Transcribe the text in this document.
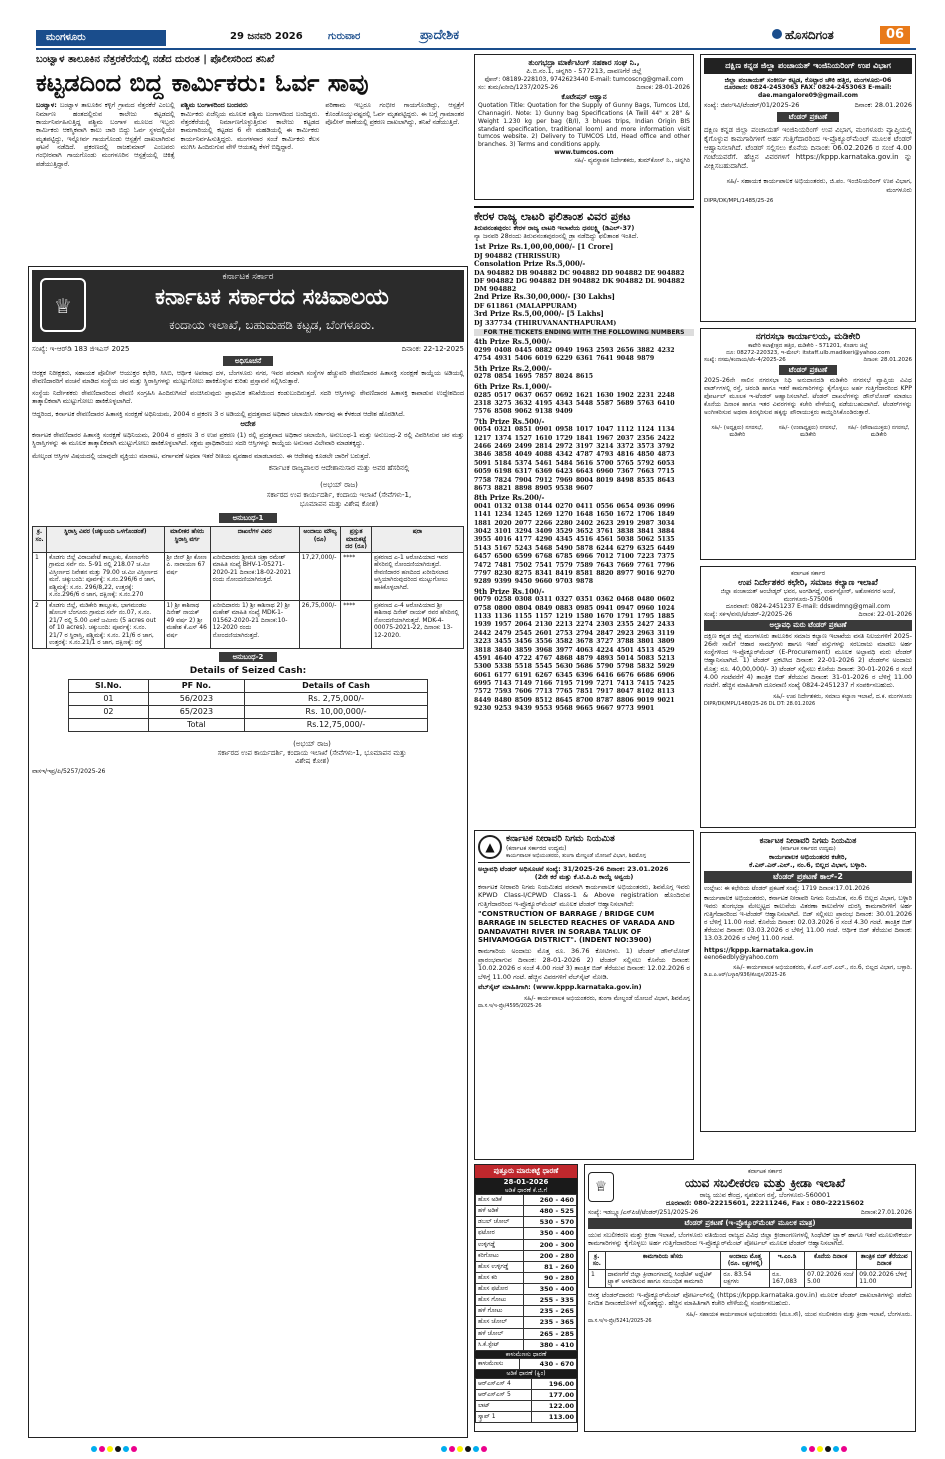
ಮಂಗಳೂರು	29 ಜನವರಿ 2026	ಗುರುವಾರ	ಪ್ರಾದೇಶಿಕ	ಹೊಸದಿಗಂತ	06
ಬಂಟ್ವಾಳ ತಾಲೂಕಿನ ನೆತ್ತರಕೆರೆಯಲ್ಲಿ ನಡೆದ ದುರಂತ | ಪೊಲೀಸರಿಂದ ತನಿಖೆ
ಕಟ್ಟಡದಿಂದ ಬಿದ್ದ ಕಾರ್ಮಿಕರು: ಓರ್ವ ಸಾವು
ಬಂಟ್ವಾಳ: ಬಂಟ್ವಾಳ ತಾಲೂಕಿನ ಕಳ್ಳಿಗೆ ಗ್ರಾಮದ ನೆತ್ತರಕೆರೆ ಎಂಬಲ್ಲಿ ನಿರ್ಮಾಣ ಹಂತದಲ್ಲಿರುವ ಕಾಲೇಜು ಕಟ್ಟಡದಲ್ಲಿ ಕಾರ್ಯನಿರ್ವಹಿಸುತ್ತಿದ್ದ ಪಶ್ಚಿಮ ಬಂಗಾಳ ಮೂಲದ ಇಬ್ಬರು ಕಾರ್ಮಿಕರು ಆಕಸ್ಮಿಕವಾಗಿ ಕಾಲು ಜಾರಿ ಬಿದ್ದು ಓರ್ವ ಸ್ಥಳದಲ್ಲಿಯೇ ಮೃತಪಟ್ಟಿದ್ದು, ಇನ್ನೋರ್ವ ಗಾಯಗೊಂಡು ಆಸ್ಪತ್ರೆಗೆ ದಾಖಲಾಗಿರುವ ಘಟನೆ ನಡೆದಿದೆ. ಪ್ರಕರಣದಲ್ಲಿ ರಾಜಕುಮಾರ್ ಎಂಬವರು ಗಂಭೀರವಾಗಿ ಗಾಯಗೊಂಡು ಮಂಗಳೂರಿನ ಆಸ್ಪತ್ರೆಯಲ್ಲಿ ಚಿಕಿತ್ಸೆ ಪಡೆಯುತ್ತಿದ್ದಾರೆ.
ಪಶ್ಚಿಮ ಬಂಗಾಳದಿಂದ ಬಂದವರು
ಕಾರ್ಮಿಕರು ಏಜೆನ್ಸಿಯ ಮೂಲಕ ಪಶ್ಚಿಮ ಬಂಗಾಳದಿಂದ ಬಂದಿದ್ದರು. ನೆತ್ತರಕೆರೆಯಲ್ಲಿ ನಿರ್ಮಾಣಗೊಳ್ಳುತ್ತಿರುವ ಕಾಲೇಜು ಕಟ್ಟಡದ ಕಾಮಗಾರಿಯಲ್ಲಿ ಕಟ್ಟಡದ 6 ನೇ ಮಹಡಿಯಲ್ಲಿ ಈ ಕಾರ್ಮಿಕರು ಕಾರ್ಯನಿರ್ವಹಿಸುತ್ತಿದ್ದರು. ಮಂಗಳವಾರ ಸಂಜೆ ಕಾರ್ಮಿಕರು ಕೆಲಸ ಮುಗಿಸಿ ಹಿಂದಿರುಗುವ ವೇಳೆ ಆಯತಪ್ಪಿ ಕೆಳಗೆ ಬಿದ್ದಿದ್ದಾರೆ.
ಪರಿಣಾಮ ಇಬ್ಬರೂ ಗಂಭೀರ ಗಾಯಗೊಂಡಿದ್ದು, ಆಸ್ಪತ್ರೆಗೆ ಕೊಂಡೊಯ್ಯುವಷ್ಟರಲ್ಲಿ ಓರ್ವ ಮೃತಪಟ್ಟಿದ್ದರು. ಈ ಬಗ್ಗೆ ಗ್ರಾಮಾಂತರ ಪೊಲೀಸ್ ಠಾಣೆಯಲ್ಲಿ ಪ್ರಕರಣ ದಾಖಲಾಗಿದ್ದು, ತನಿಖೆ ನಡೆಯುತ್ತಿದೆ.
♕
ಕರ್ನಾಟಕ ಸರ್ಕಾರ
ಕರ್ನಾಟಕ ಸರ್ಕಾರದ ಸಚಿವಾಲಯ
ಕಂದಾಯ ಇಲಾಖೆ, ಬಹುಮಹಡಿ ಕಟ್ಟಡ, ಬೆಂಗಳೂರು.
ಸಂಖ್ಯೆ: ಇ-ಆರ್‌ಡಿ 183 ಜಿಇಎಸ್ 2025	ದಿನಾಂಕ: 22-12-2025
ಅಧಿಸೂಚನೆ
ಆರಕ್ಷಕ ನಿರೀಕ್ಷಕರು, ಸಹಾಯಕ ಪೊಲೀಸ್ ಆಯುಕ್ತರ ಕಛೇರಿ, ಸಿಸಿಬಿ, ಆರ್ಥಿಕ ಅಪರಾಧ ದಳ, ಬೆಂಗಳೂರು ನಗರ, ಇವರ ಪರವಾಗಿ ಸಂಸ್ಥೆಗಳ ಹೆಚ್ಚುವರಿ ಠೇವಣಿದಾರರ ಹಿತಾಸಕ್ತಿ ಸಂರಕ್ಷಣೆ ಕಾಯ್ದೆಯ ಅಡಿಯಲ್ಲಿ ಠೇವಣಿದಾರರಿಗೆ ವಂಚನೆ ಮಾಡಿದ ಸಂಸ್ಥೆಯ ಚರ ಮತ್ತು ಸ್ಥಿರಾಸ್ತಿಗಳನ್ನು ಮುಟ್ಟುಗೋಲು ಹಾಕಿಕೊಳ್ಳುವ ಕುರಿತು ಪ್ರಸ್ತಾವನೆ ಸಲ್ಲಿಸಿರುತ್ತಾರೆ.
ಸಂಸ್ಥೆಯ ನಿರ್ದೇಶಕರು ಠೇವಣಿದಾರರಿಂದ ಠೇವಣಿ ಸಂಗ್ರಹಿಸಿ ಹಿಂದಿರುಗಿಸದೆ ವಂಚಿಸಿರುವುದು ಪ್ರಾಥಮಿಕ ತನಿಖೆಯಿಂದ ಕಂಡುಬಂದಿರುತ್ತದೆ. ಸದರಿ ಆಸ್ತಿಗಳನ್ನು ಠೇವಣಿದಾರರ ಹಿತಾಸಕ್ತಿ ಕಾಪಾಡುವ ಉದ್ದೇಶದಿಂದ ತಾತ್ಕಾಲಿಕವಾಗಿ ಮುಟ್ಟುಗೋಲು ಹಾಕಿಕೊಳ್ಳಲಾಗಿದೆ.
ಆದ್ದರಿಂದ, ಕರ್ನಾಟಕ ಠೇವಣಿದಾರರ ಹಿತಾಸಕ್ತಿ ಸಂರಕ್ಷಣೆ ಅಧಿನಿಯಮ, 2004 ರ ಪ್ರಕರಣ 3 ರ ಅಡಿಯಲ್ಲಿ ಪ್ರದತ್ತವಾದ ಅಧಿಕಾರ ಚಲಾಯಿಸಿ ಸರ್ಕಾರವು ಈ ಕೆಳಕಂಡ ಆದೇಶ ಹೊರಡಿಸಿದೆ.
ಆದೇಶ
ಕರ್ನಾಟಕ ಠೇವಣಿದಾರರ ಹಿತಾಸಕ್ತಿ ಸಂರಕ್ಷಣೆ ಅಧಿನಿಯಮ, 2004 ರ ಪ್ರಕರಣ 3 ರ ಉಪ ಪ್ರಕರಣ (1) ರಲ್ಲಿ ಪ್ರದತ್ತವಾದ ಅಧಿಕಾರ ಚಲಾಯಿಸಿ, ಅನುಬಂಧ-1 ಮತ್ತು ಅನುಬಂಧ-2 ರಲ್ಲಿ ವಿವರಿಸಿರುವ ಚರ ಮತ್ತು ಸ್ಥಿರಾಸ್ತಿಗಳನ್ನು ಈ ಮೂಲಕ ತಾತ್ಕಾಲಿಕವಾಗಿ ಮುಟ್ಟುಗೋಲು ಹಾಕಿಕೊಳ್ಳಲಾಗಿದೆ. ಸಕ್ಷಮ ಪ್ರಾಧಿಕಾರಿಯು ಸದರಿ ಆಸ್ತಿಗಳನ್ನು ಕಾಯ್ದೆಯ ಅನುಸಾರ ವಿಲೇವಾರಿ ಮಾಡತಕ್ಕದ್ದು.
ಮೇಲ್ಕಂಡ ಆಸ್ತಿಗಳ ವಿಷಯದಲ್ಲಿ ಯಾವುದೇ ವ್ಯಕ್ತಿಯು ಮಾರಾಟ, ವರ್ಗಾವಣೆ ಅಥವಾ ಇತರೆ ರೀತಿಯ ವ್ಯವಹಾರ ಮಾಡಬಾರದು. ಈ ಆದೇಶವು ಕೂಡಲೇ ಜಾರಿಗೆ ಬರುತ್ತದೆ.
ಕರ್ನಾಟಕ ರಾಜ್ಯಪಾಲರ ಆದೇಶಾನುಸಾರ ಮತ್ತು ಅವರ ಹೆಸರಿನಲ್ಲಿ
(ಅಭಯ್ ರಾಜ)
ಸರ್ಕಾರದ ಉಪ ಕಾರ್ಯದರ್ಶಿ, ಕಂದಾಯ ಇಲಾಖೆ (ಸೇವೆಗಳು-1, ಭೂಮಾಪನ ಮತ್ತು ವಿಶೇಷ ಕೋಶ)
ಅನುಬಂಧ-1
ಕ್ರ. ಸಂ.	ಸ್ಥಿರಾಸ್ತಿ ವಿವರ (ಚಕ್ಕುಬಂದಿ ಒಳಗೊಂಡಂತೆ)	ಮಾಲೀಕರ ಹೆಸರು ಸ್ಥಿರಾಸ್ತಿ ವರ್ಗ	ದಾಖಲೆಗಳ ವಿವರ	ಅಂದಾಜು ಮೌಲ್ಯ (ರೂ)	ಪ್ರಸ್ತುತ ಮಾರುಕಟ್ಟೆ ದರ (ರೂ)	ಷರಾ
1	ಕೊಡಗು ಜಿಲ್ಲೆ ವಿರಾಜಪೇಟೆ ತಾಲ್ಲೂಕು, ಕೋಣಂಗೇರಿ ಗ್ರಾಮದ ಸರ್ವೆ ನಂ. 5-91 ರಲ್ಲಿ 218.07 ಚ.ಮೀ ವಿಸ್ತೀರ್ಣದ ನಿವೇಶನ ಮತ್ತು 79.00 ಚ.ಮೀ ವಿಸ್ತೀರ್ಣದ ಮನೆ. ಚಕ್ಕುಬಂದಿ: ಪೂರ್ವಕ್ಕೆ: ಸ.ನಂ.296/6 ರ ಜಾಗ, ಪಶ್ಚಿಮಕ್ಕೆ: ಸ.ನಂ. 296/8,22, ಉತ್ತರಕ್ಕೆ: ಸ.ನಂ.296/6 ರ ಜಾಗ, ದಕ್ಷಿಣಕ್ಕೆ: ಸ.ನಂ.270	ಶ್ರೀ ಜೀನ್ ಶ್ರೀ ಕೋಣ ಪಿ. ನಾರಾಯಣ 67 ವರ್ಷ	ಖರೀದಿದಾರರು ಶ್ರೀಮತಿ ಚಿತ್ರಾ ರಮೇಶ್ ಮಾಹಿತಿ ಸಂಖ್ಯೆ BHV-1-05271-2020-21 ದಿನಾಂಕ:18-02-2021 ರಂದು ನೋಂದಣಿಯಾಗಿರುತ್ತದೆ.	17,27,000/-	****	ಪ್ರಕರಣದ ಎ-1 ಆರೋಪಿಯಾದ ಇವರ ಹೆಸರಿನಲ್ಲಿ ನೋಂದಣಿಯಾಗಿರುತ್ತದೆ. ಠೇವಣಿದಾರರ ಹಣದಿಂದ ಖರೀದಿಸಲಾದ ಆಸ್ತಿಯಾಗಿರುವುದರಿಂದ ಮುಟ್ಟುಗೋಲು ಹಾಕಿಕೊಳ್ಳಲಾಗಿದೆ.
2	ಕೊಡಗು ಜಿಲ್ಲೆ, ಮಡಿಕೇರಿ ತಾಲ್ಲೂಕು, ಭಾಗಮಂಡಲ ಹೋಬಳಿ ಬೆಂಗೂರು ಗ್ರಾಮದ ಸರ್ವೆ ನಂ.07, ಸ.ನಂ. 21/7 ರಲ್ಲಿ 5.00 ಎಕರೆ ಜಮೀನು (5 acres out of 10 acres). ಚಕ್ಕುಬಂದಿ: ಪೂರ್ವಕ್ಕೆ: ಸ.ನಂ. 21/7 ರ ಸ್ಥಿರಾಸ್ತಿ, ಪಶ್ಚಿಮಕ್ಕೆ: ಸ.ನಂ. 21/6 ರ ಜಾಗ, ಉತ್ತರಕ್ಕೆ: ಸ.ನಂ.21/1 ರ ಜಾಗ, ದಕ್ಷಿಣಕ್ಕೆ: ರಸ್ತೆ	1) ಶ್ರೀ ಕಾಶಿನಾಥ ದಿನೇಶ್ ನಾಯಕ್ 49 ವರ್ಷ 2) ಶ್ರೀ ಮಹೇಶ ಕೆ.ಎಸ್ 46 ವರ್ಷ	ಖರೀದಿದಾರರು 1) ಶ್ರೀ ಕಾಶಿನಾಥ 2) ಶ್ರೀ ಮಹೇಶ್ ಮಾಹಿತಿ ಸಂಖ್ಯೆ MDK-1-01562-2020-21 ದಿನಾಂಕ:10-12-2020 ರಂದು ನೋಂದಣಿಯಾಗಿರುತ್ತದೆ.	26,75,000/-	****	ಪ್ರಕರಣದ ಎ-4 ಆರೋಪಿಯಾದ ಶ್ರೀ ಕಾಶಿನಾಥ ದಿನೇಶ್ ನಾಯಕ್ ರವರ ಹೆಸರಿನಲ್ಲಿ ನೋಂದಣಿಯಾಗಿರುತ್ತದೆ. MDK-4-00075-2021-22, ದಿನಾಂಕ: 13-12-2020.
ಅನುಬಂಧ-2
Details of Seized Cash:
Sl.No.	PF No.	Details of Cash
01	56/2023	Rs. 2,75,000/-
02	65/2023	Rs. 10,00,000/-
	Total	Rs.12,75,000/-
(ಅಭಯ್ ರಾಜ)
ಸರ್ಕಾರದ ಉಪ ಕಾರ್ಯದರ್ಶಿ, ಕಂದಾಯ ಇಲಾಖೆ (ಸೇವೆಗಳು-1, ಭೂಮಾಪನ ಮತ್ತು ವಿಶೇಷ ಕೋಶ)
ವಾಸಇ/ಇಪ್ರ/ಪಿ/5257/2025-26
ತುಂಗಭದ್ರಾ ಮಾರ್ಕೆಟಿಂಗ್ ಸಹಕಾರ ಸಂಘ ನಿ.,
ಪಿ.ಬಿ.ನಂ.1, ಚನ್ನಗಿರಿ - 577213, ದಾವಣಗೆರೆ ಜಿಲ್ಲೆ
ಫೋನ್: 08189-228103, 9742623440 E-mail: tumcoscng@gmail.com
ಸಂ: ತುಮ/ಖರೀದಿ/1237/2025-26	ದಿನಾಂಕ: 28-01-2026
ಕೊಟೇಷನ್ ಆಹ್ವಾನ
Quotation Title: Quotation for the Supply of Gunny Bags, Tumcos Ltd, Channagiri. Note: 1) Gunny bag Specifications (A Twill 44" x 28" & Weight 1.230 kg per bag (B/I), 3 bhues trips, Indian Origin BIS standard specification, traditional loom) and more information visit tumcos website. 2) Delivery to TUMCOS Ltd, Head office and other branches. 3) Terms and conditions apply.
www.tumcos.com
ಸಹಿ/- ವ್ಯವಸ್ಥಾಪಕ ನಿರ್ದೇಶಕರು, ತುಮ್‌ಕೋಸ್ ನಿ., ಚನ್ನಗಿರಿ
ಕೇರಳ ರಾಜ್ಯ ಲಾಟರಿ ಫಲಿತಾಂಶ ವಿವರ ಪ್ರಕಟ
ತಿರುವನಂತಪುರಂ: ಕೇರಳ ರಾಜ್ಯ ಲಾಟರಿ ಇಲಾಖೆಯ ಧನಲಕ್ಷ್ಮಿ (ಡಿಎಲ್-37)
ನ್ಯಾ ಜನವರಿ 28ರಂದು ತಿರುವನಂತಪುರಂನಲ್ಲಿ ಡ್ರಾ ನಡೆದಿದ್ದು ಫಲಿತಾಂಶ ಇಂತಿದೆ.
1st Prize Rs.1,00,00,000/- [1 Crore]
DJ 904882 (THRISSUR)
Consolation Prize Rs.5,000/-
DA 904882 DB 904882 DC 904882 DD 904882 DE 904882 DF 904882 DG 904882 DH 904882 DK 904882 DL 904882 DM 904882
2nd Prize Rs.30,00,000/- [30 Lakhs]
DF 611861 (MALAPPURAM)
3rd Prize Rs.5,00,000/- [5 Lakhs]
DJ 337734 (THIRUVANANTHAPURAM)
FOR THE TICKETS ENDING WITH THE FOLLOWING NUMBERS
4th Prize Rs.5,000/-
0299 0408 0445 0882 0949 1963 2593 2656 3882 4232 4754 4931 5406 6019 6229 6361 7641 9048 9879
5th Prize Rs.2,000/-
0278 0854 1695 7857 8024 8615
6th Prize Rs.1,000/-
0285 0517 0637 0657 0692 1621 1630 1902 2231 2248 2318 3275 3632 4195 4343 5448 5587 5689 5763 6410 7576 8508 9062 9138 9409
7th Prize Rs.500/-
0054 0321 0851 0901 0958 1017 1047 1112 1124 1134 1217 1374 1527 1610 1729 1841 1967 2037 2356 2422 2466 2469 2499 2814 2972 3197 3214 3372 3573 3792 3846 3858 4049 4088 4342 4787 4793 4816 4850 4873 5091 5184 5374 5461 5484 5616 5700 5765 5792 6053 6059 6198 6317 6369 6423 6643 6960 7367 7663 7715 7758 7824 7904 7912 7969 8004 8019 8498 8535 8643 8673 8821 8898 8905 9538 9607
8th Prize Rs.200/-
0041 0132 0138 0144 0270 0411 0556 0654 0936 0996 1141 1234 1245 1269 1270 1648 1650 1672 1706 1849 1881 2020 2077 2266 2280 2402 2623 2919 2987 3034 3042 3101 3294 3409 3529 3652 3761 3838 3841 3884 3955 4016 4177 4290 4345 4516 4561 5038 5062 5135 5143 5167 5243 5468 5490 5878 6244 6279 6325 6449 6457 6500 6599 6768 6785 6966 7012 7100 7223 7375 7472 7481 7502 7541 7579 7589 7643 7669 7761 7796 7797 8230 8275 8341 8419 8581 8820 8977 9016 9270 9289 9399 9450 9660 9703 9878
9th Prize Rs.100/-
0079 0258 0308 0311 0327 0351 0362 0468 0480 0602 0758 0800 0804 0849 0883 0985 0941 0947 0960 1024 1133 1136 1155 1157 1219 1580 1670 1791 1795 1885 1939 1957 2064 2130 2213 2274 2303 2355 2427 2433 2442 2479 2545 2601 2753 2794 2847 2923 2963 3119 3223 3455 3456 3556 3582 3678 3727 3788 3801 3809 3818 3840 3859 3968 3977 4063 4224 4501 4513 4529 4591 4640 4722 4767 4868 4879 4893 5014 5083 5213 5300 5338 5518 5545 5630 5686 5790 5798 5832 5929 6061 6177 6191 6267 6345 6396 6416 6676 6686 6906 6995 7143 7149 7166 7195 7199 7271 7413 7415 7425 7572 7593 7606 7713 7765 7851 7917 8047 8102 8113 8449 8480 8509 8512 8645 8700 8787 8806 9019 9021 9230 9253 9439 9553 9568 9665 9667 9773 9901
ದಕ್ಷಿಣ ಕನ್ನಡ ಜಿಲ್ಲಾ ಪಂಚಾಯತ್ ಇಂಜಿನಿಯರಿಂಗ್ ಉಪ ವಿಭಾಗ
ಜಿಲ್ಲಾ ಪಂಚಾಯತ್ ಸಂಕೀರ್ಣ ಕಟ್ಟಡ, ಕೊಟ್ಟಾರ ಚೌಕಿ ಹತ್ತಿರ, ಮಂಗಳೂರು-06
ದೂರವಾಣಿ: 0824-2453063 FAX: 0824-2453063 E-mail: dae.mangalore09@gmail.com
ಸಂಖ್ಯೆ: ಜಿಪಂಇವಿ/ಟೆಂಡರ್/01/2025-26	ದಿನಾಂಕ: 28.01.2026
ಟೆಂಡರ್ ಪ್ರಕಟಣೆ
ದಕ್ಷಿಣ ಕನ್ನಡ ಜಿಲ್ಲಾ ಪಂಚಾಯತ್ ಇಂಜಿನಿಯರಿಂಗ್ ಉಪ ವಿಭಾಗ, ಮಂಗಳೂರು ವ್ಯಾಪ್ತಿಯಲ್ಲಿ ಕೈಗೊಳ್ಳುವ ಕಾಮಗಾರಿಗಳಿಗೆ ಅರ್ಹ ಗುತ್ತಿಗೆದಾರರಿಂದ ಇ-ಪ್ರೊಕ್ಯೂರ್‌ಮೆಂಟ್ ಮೂಲಕ ಟೆಂಡರ್ ಆಹ್ವಾನಿಸಲಾಗಿದೆ. ಟೆಂಡರ್ ಸಲ್ಲಿಸಲು ಕೊನೆಯ ದಿನಾಂಕ: 06.02.2026 ರ ಸಂಜೆ 4.00 ಗಂಟೆಯವರೆಗೆ. ಹೆಚ್ಚಿನ ವಿವರಗಳಿಗೆ https://kppp.karnataka.gov.in ನ್ನು ವೀಕ್ಷಿಸಬಹುದಾಗಿದೆ.
ಸಹಿ/- ಸಹಾಯಕ ಕಾರ್ಯಪಾಲಕ ಅಭಿಯಂತರರು, ಜಿ.ಪಂ. ಇಂಜಿನಿಯರಿಂಗ್ ಉಪ ವಿಭಾಗ, ಮಂಗಳೂರು
DIPR/DK/MPL/1485/25-26
ನಗರಸಭಾ ಕಾರ್ಯಾಲಯ, ಮಡಿಕೇರಿ
ಕಾವೇರಿ ಕಲಾಕ್ಷೇತ್ರದ ಹತ್ತಿರ, ಮಡಿಕೇರಿ - 571201, ಕೊಡಗು ಜಿಲ್ಲೆ
ದೂ: 08272-220323, ಇ-ಮೇಲ್: itstaff.ulb.madikeri@yahoo.com
ಸಂಖ್ಯೆ: ನಸಮ/ಕಂದಾಯ/ಟೆಂ-4/2025-26	ದಿನಾಂಕ: 28.01.2026
ಟೆಂಡರ್ ಪ್ರಕಟಣೆ
2025-26ನೇ ಸಾಲಿನ ನಗರಸಭಾ ನಿಧಿ ಅನುದಾನದಡಿ ಮಡಿಕೇರಿ ನಗರಸಭೆ ವ್ಯಾಪ್ತಿಯ ವಿವಿಧ ವಾರ್ಡ್‌ಗಳಲ್ಲಿ ರಸ್ತೆ, ಚರಂಡಿ ಹಾಗೂ ಇತರೆ ಕಾಮಗಾರಿಗಳನ್ನು ಕೈಗೊಳ್ಳಲು ಅರ್ಹ ಗುತ್ತಿಗೆದಾರರಿಂದ KPP ಪೋರ್ಟಲ್ ಮೂಲಕ ಇ-ಟೆಂಡರ್ ಆಹ್ವಾನಿಸಲಾಗಿದೆ. ಟೆಂಡರ್ ದಾಖಲೆಗಳನ್ನು ಡೌನ್‌ಲೋಡ್ ಮಾಡಲು ಕೊನೆಯ ದಿನಾಂಕ ಹಾಗೂ ಇತರ ವಿವರಗಳನ್ನು ಕಚೇರಿ ವೇಳೆಯಲ್ಲಿ ಪಡೆಯಬಹುದಾಗಿದೆ. ಟೆಂಡರ್‌ಗಳನ್ನು ಅಂಗೀಕರಿಸುವ ಅಥವಾ ತಿರಸ್ಕರಿಸುವ ಹಕ್ಕನ್ನು ಪೌರಾಯುಕ್ತರು ಕಾಯ್ದಿರಿಸಿಕೊಂಡಿರುತ್ತಾರೆ.
ಸಹಿ/- (ಅಧ್ಯಕ್ಷರು) ನಗರಸಭೆ, ಮಡಿಕೇರಿ
ಸಹಿ/- (ಉಪಾಧ್ಯಕ್ಷರು) ನಗರಸಭೆ, ಮಡಿಕೇರಿ
ಸಹಿ/- (ಪೌರಾಯುಕ್ತರು) ನಗರಸಭೆ, ಮಡಿಕೇರಿ
ಕರ್ನಾಟಕ ಸರ್ಕಾರ
ಉಪ ನಿರ್ದೇಶಕರ ಕಛೇರಿ, ಸಮಾಜ ಕಲ್ಯಾಣ ಇಲಾಖೆ
ಜಿಲ್ಲಾ ಪಂಚಾಯತ್ ಆಂಬೇಡ್ಕರ್ ಭವನ, ಅಂಗಡಿಗದ್ದೆ, ಉರ್ವಸ್ಟೋರ್, ಅಶೋಕನಗರ ಅಂಚೆ, ಮಂಗಳೂರು-575006
ದೂರವಾಣಿ: 0824-2451237 E-mail: ddswdmng@gmail.com
ಸಂಖ್ಯೆ: ಸಕಇ/ವಸನಿ/ಟೆಂಡರ್-2/2025-26	ದಿನಾಂಕ: 22-01-2026
ಅಲ್ಪಾವಧಿ ಮರು ಟೆಂಡರ್ ಪ್ರಕಟಣೆ
ದಕ್ಷಿಣ ಕನ್ನಡ ಜಿಲ್ಲೆ ಮಂಗಳೂರು ತಾಲೂಕಿನ ಸಮಾಜ ಕಲ್ಯಾಣ ಇಲಾಖೆಯ ವಸತಿ ನಿಲಯಗಳಿಗೆ 2025-26ನೇ ಸಾಲಿಗೆ ಆಹಾರ ಸಾಮಗ್ರಿಗಳು ಹಾಗೂ ಇತರೆ ವಸ್ತುಗಳನ್ನು ಸರಬರಾಜು ಮಾಡಲು ಅರ್ಹ ಸಂಸ್ಥೆಗಳಿಂದ ಇ-ಪ್ರೊಕ್ಯೂರ್‌ಮೆಂಟ್ (E-Procurement) ಮೂಲಕ ಅಲ್ಪಾವಧಿ ಮರು ಟೆಂಡರ್ ಆಹ್ವಾನಿಸಲಾಗಿದೆ. 1) ಟೆಂಡರ್ ಪ್ರಕಟಿಸಿದ ದಿನಾಂಕ: 22-01-2026 2) ಟೆಂಡರ್‌ನ ಅಂದಾಜು ಮೊತ್ತ: ರೂ. 40,00,000/- 3) ಟೆಂಡರ್ ಸಲ್ಲಿಸಲು ಕೊನೆಯ ದಿನಾಂಕ: 30-01-2026 ರ ಸಂಜೆ 4.00 ಗಂಟೆವರೆಗೆ 4) ತಾಂತ್ರಿಕ ಬಿಡ್ ತೆರೆಯುವ ದಿನಾಂಕ: 31-01-2026 ರ ಬೆಳಿಗ್ಗೆ 11.00 ಗಂಟೆಗೆ. ಹೆಚ್ಚಿನ ಮಾಹಿತಿಗಾಗಿ ದೂರವಾಣಿ ಸಂಖ್ಯೆ 0824-2451237 ಗೆ ಸಂಪರ್ಕಿಸಬಹುದು.
ಸಹಿ/- ಉಪ ನಿರ್ದೇಶಕರು, ಸಮಾಜ ಕಲ್ಯಾಣ ಇಲಾಖೆ, ದ.ಕ. ಮಂಗಳೂರು
DIPR/DK/MPL/1480/25-26 DL DT: 28.01.2026
▲
ಕರ್ನಾಟಕ ನೀರಾವರಿ ನಿಗಮ ನಿಯಮಿತ
(ಕರ್ನಾಟಕ ಸರ್ಕಾರದ ಉದ್ಯಮ)
ಕಾರ್ಯಪಾಲಕ ಅಭಿಯಂತರರು, ತುಂಗಾ ಮೇಲ್ದಂಡೆ ಯೋಜನೆ ವಿಭಾಗ, ಶಿವಮೊಗ್ಗ
ಅಲ್ಪಾವಧಿ ಟೆಂಡರ್ ಅಧಿಸೂಚನೆ ಸಂಖ್ಯೆ: 31/2025-26 ದಿನಾಂಕ: 23.01.2026
(2ನೇ ಕರೆ ಮತ್ತು ಕೆ.ಟಿ.ಪಿ.ಪಿ ಕಾಯ್ದೆ ಅನ್ವಯ)
ಕರ್ನಾಟಕ ನೀರಾವರಿ ನಿಗಮ ನಿಯಮಿತದ ಪರವಾಗಿ ಕಾರ್ಯಪಾಲಕ ಅಭಿಯಂತರರು, ಶಿವಮೊಗ್ಗ ಇವರು KPWD Class-I/CPWD Class-1 & Above registration ಹೊಂದಿರುವ ಗುತ್ತಿಗೆದಾರರಿಂದ ಇ-ಪ್ರೊಕ್ಯೂರ್‌ಮೆಂಟ್ ಮೂಲಕ ಟೆಂಡರ್ ಆಹ್ವಾನಿಸಲಾಗಿದೆ:
"CONSTRUCTION OF BARRAGE / BRIDGE CUM BARRAGE IN SELECTED REACHES OF VARADA AND DANDAVATHI RIVER IN SORABA TALUK OF SHIVAMOGGA DISTRICT". (INDENT NO:3900)
ಕಾಮಗಾರಿಯ ಅಂದಾಜು ಮೊತ್ತ ರೂ. 36.76 ಕೋಟಿಗಳು. 1) ಟೆಂಡರ್ ಡೌನ್‌ಲೋಡ್ ಪ್ರಾರಂಭವಾಗುವ ದಿನಾಂಕ: 28-01-2026 2) ಟೆಂಡರ್ ಸಲ್ಲಿಸಲು ಕೊನೆಯ ದಿನಾಂಕ: 10.02.2026 ರ ಸಂಜೆ 4.00 ಗಂಟೆ 3) ತಾಂತ್ರಿಕ ಬಿಡ್ ತೆರೆಯುವ ದಿನಾಂಕ: 12.02.2026 ರ ಬೆಳಿಗ್ಗೆ 11.00 ಗಂಟೆ. ಹೆಚ್ಚಿನ ವಿವರಗಳಿಗೆ ವೆಬ್‌ಸೈಟ್ ನೋಡಿ.
ವೆಬ್‌ಸೈಟ್ ಮಾಹಿತಿಗಾಗಿ: (www.kppp.karnataka.gov.in)
ಸಹಿ/- ಕಾರ್ಯಪಾಲಕ ಅಭಿಯಂತರರು, ತುಂಗಾ ಮೇಲ್ದಂಡೆ ಯೋಜನೆ ವಿಭಾಗ, ಶಿವಮೊಗ್ಗ
ವಾ.ಸ.ಇ/ಇ-ಪ್ರೊ/4595/2025-26
ಪುತ್ತೂರು ಮಾರುಕಟ್ಟೆ ಧಾರಣೆ
28-01-2026
ಅಡಿಕೆ ಧಾರಣೆ ಕೆ.ಜಿ.ಗೆ
ಹೊಸ ಅಡಿಕೆ	260 - 460
ಹಳೆ ಅಡಿಕೆ	480 - 525
ಡಬಲ್ ಚೋಲ್	530 - 570
ಫಟೋರ	350 - 400
ಉಳ್ಳಿಗಡ್ಡೆ	200 - 300
ಕರಿಗೋಟು	200 - 280
ಹೊಸ ಉಳ್ಳಿಗಡ್ಡೆ	81 - 260
ಹೊಸ ಕರಿ	90 - 280
ಹೊಸ ಫಟೋರ	350 - 400
ಹೊಸ ಗೋಟು	255 - 335
ಹಳೆ ಗೋಟು	235 - 265
ಹೊಸ ಚೋಲ್	235 - 365
ಹಳೆ ಚೋಲ್	265 - 285
ಸಿ.ಕೆ.ಸ್ಟೇಟ್	380 - 410
ಕಾಳುಮೆಣಸು ಧಾರಣೆ
ಕಾಳುಮೆಣಸು	430 - 670
ಅಡಿಕೆ ಧಾರಣೆ (ಕ್ವಿಂ)
ಆರ್‌ಎಸ್‌ಎಸ್ 4	196.00
ಆರ್‌ಎಸ್‌ಎಸ್ 5	177.00
ಲಾಟ್	122.00
ಸ್ಕ್ರಾಪ್ 1	113.00
ಕರ್ನಾಟಕ ನೀರಾವರಿ ನಿಗಮ ನಿಯಮಿತ
(ಕರ್ನಾಟಕ ಸರ್ಕಾರದ ಉದ್ಯಮ)
ಕಾರ್ಯಪಾಲಕ ಅಭಿಯಂತರರ ಕಚೇರಿ,
ಕೆ.ಎನ್.ಎನ್.ಎಲ್., ನಂ.6, ಬಿಲ್ಲದ ವಿಭಾಗ, ಬಳ್ಳಾರಿ.
ಟೆಂಡರ್ ಪ್ರಕಟಣೆ ಕಾಲ್-2
ಉಲ್ಲೇಖ: ಈ ಕಛೇರಿಯ ಟೆಂಡರ್ ಪ್ರಕಟಣೆ ಸಂಖ್ಯೆ: 1719 ದಿನಾಂಕ:17.01.2026
ಕಾರ್ಯಪಾಲಕ ಅಭಿಯಂತರರು, ಕರ್ನಾಟಕ ನೀರಾವರಿ ನಿಗಮ ನಿಯಮಿತ, ನಂ.6 ಬಿಲ್ಲದ ವಿಭಾಗ, ಬಳ್ಳಾರಿ ಇವರು ತುಂಗಭದ್ರಾ ಮೇಲ್ಮಟ್ಟದ ಕಾಲುವೆಯ ವಿತರಣಾ ಕಾಲುವೆಗಳ ದುರಸ್ತಿ ಕಾಮಗಾರಿಗಳಿಗೆ ಅರ್ಹ ಗುತ್ತಿಗೆದಾರರಿಂದ ಇ-ಟೆಂಡರ್ ಆಹ್ವಾನಿಸಲಾಗಿದೆ. ಬಿಡ್ ಸಲ್ಲಿಸಲು ಪ್ರಾರಂಭ ದಿನಾಂಕ: 30.01.2026 ರ ಬೆಳಿಗ್ಗೆ 11.00 ಗಂಟೆ. ಕೊನೆಯ ದಿನಾಂಕ: 02.03.2026 ರ ಸಂಜೆ 4.30 ಗಂಟೆ. ತಾಂತ್ರಿಕ ಬಿಡ್ ತೆರೆಯುವ ದಿನಾಂಕ: 03.03.2026 ರ ಬೆಳಿಗ್ಗೆ 11.00 ಗಂಟೆ. ಆರ್ಥಿಕ ಬಿಡ್ ತೆರೆಯುವ ದಿನಾಂಕ: 13.03.2026 ರ ಬೆಳಿಗ್ಗೆ 11.00 ಗಂಟೆ.
https://kppp.karnataka.gov.in
eeno6edbly@yahoo.com
ಸಹಿ/- ಕಾರ್ಯಪಾಲಕ ಅಭಿಯಂತರರು, ಕೆ.ಎನ್.ಎನ್.ಎಲ್., ನಂ.6, ಬಿಲ್ಲದ ವಿಭಾಗ, ಬಳ್ಳಾರಿ.
ಡಿ.ಐ.ಪಿ.ಆರ್/ಬಳ್ಳಾರಿ/936/ಕೊಪ್ಪಳ/2025-26
♕
ಕರ್ನಾಟಕ ಸರ್ಕಾರ
ಯುವ ಸಬಲೀಕರಣ ಮತ್ತು ಕ್ರೀಡಾ ಇಲಾಖೆ
ರಾಜ್ಯ ಯುವ ಕೇಂದ್ರ, ನೃಪತುಂಗ ರಸ್ತೆ, ಬೆಂಗಳೂರು-560001
ದೂರವಾಣಿ: 080-22215601, 22211246, Fax : 080-22215602
ಸಂಖ್ಯೆ: ಇಡಬ್ಲ್ಯೂ/ಎಸ್‌ಪಿಜೆ/ಟೆಂಡರ್/251/2025-26	ದಿನಾಂಕ:27.01.2026
ಟೆಂಡರ್ ಪ್ರಕಟಣೆ (ಇ-ಪ್ರೊಕ್ಯೂರ್‌ಮೆಂಟ್ ಮೂಲಕ ಮಾತ್ರ)
ಯುವ ಸಬಲೀಕರಣ ಮತ್ತು ಕ್ರೀಡಾ ಇಲಾಖೆ, ಬೆಂಗಳೂರು ವತಿಯಿಂದ ರಾಜ್ಯದ ವಿವಿಧ ಜಿಲ್ಲಾ ಕ್ರೀಡಾಂಗಣಗಳಲ್ಲಿ ಸಿಂಥೆಟಿಕ್ ಟ್ರ್ಯಾಕ್ ಹಾಗೂ ಇತರೆ ಮೂಲಸೌಕರ್ಯ ಕಾಮಗಾರಿಗಳನ್ನು ಕೈಗೊಳ್ಳಲು ಅರ್ಹ ಗುತ್ತಿಗೆದಾರರಿಂದ ಇ-ಪ್ರೊಕ್ಯೂರ್‌ಮೆಂಟ್ ಪೋರ್ಟಲ್ ಮೂಲಕ ಟೆಂಡರ್ ಆಹ್ವಾನಿಸಲಾಗಿದೆ.
ಕ್ರ. ಸಂ.	ಕಾಮಗಾರಿಯ ಹೆಸರು	ಅಂದಾಜು ಮೊತ್ತ (ರೂ. ಲಕ್ಷಗಳಲ್ಲಿ)	ಇ.ಎಂ.ಡಿ	ಕೊನೆಯ ದಿನಾಂಕ	ತಾಂತ್ರಿಕ ಬಿಡ್ ತೆರೆಯುವ ದಿನಾಂಕ
1	ದಾವಣಗೆರೆ ಜಿಲ್ಲಾ ಕ್ರೀಡಾಂಗಣದಲ್ಲಿ ಸಿಂಥೆಟಿಕ್ ಅಥ್ಲೆಟಿಕ್ ಟ್ರ್ಯಾಕ್ ಅಳವಡಿಸುವ ಹಾಗೂ ಸಂಬಂಧಿತ ಕಾಮಗಾರಿ	ರೂ. 83.54 ಲಕ್ಷಗಳು	ರೂ. 167,083	07.02.2026 ಸಂಜೆ 5.00	09.02.2026 ಬೆಳಿಗ್ಗೆ 11.00
ಆಸಕ್ತ ಟೆಂಡರ್‌ದಾರರು ಇ-ಪ್ರೊಕ್ಯೂರ್‌ಮೆಂಟ್ ಪೋರ್ಟಲ್‌ನಲ್ಲಿ (https://kppp.karnataka.gov.in) ಮೂಲಕ ಟೆಂಡರ್ ದಾಖಲಾತಿಗಳನ್ನು ಪಡೆದು ನಿಗದಿತ ದಿನಾಂಕದೊಳಗೆ ಸಲ್ಲಿಸತಕ್ಕದ್ದು. ಹೆಚ್ಚಿನ ಮಾಹಿತಿಗಾಗಿ ಕಚೇರಿ ವೇಳೆಯಲ್ಲಿ ಸಂಪರ್ಕಿಸಬಹುದು.
ಸಹಿ/- ಸಹಾಯಕ ಕಾರ್ಯಪಾಲಕ ಅಭಿಯಂತರರು (ಮೂ.ಸೌ), ಯುವ ಸಬಲೀಕರಣ ಮತ್ತು ಕ್ರೀಡಾ ಇಲಾಖೆ, ಬೆಂಗಳೂರು.
ವಾ.ಸ.ಇ/ಇ-ಪ್ರೊ/5241/2025-26
